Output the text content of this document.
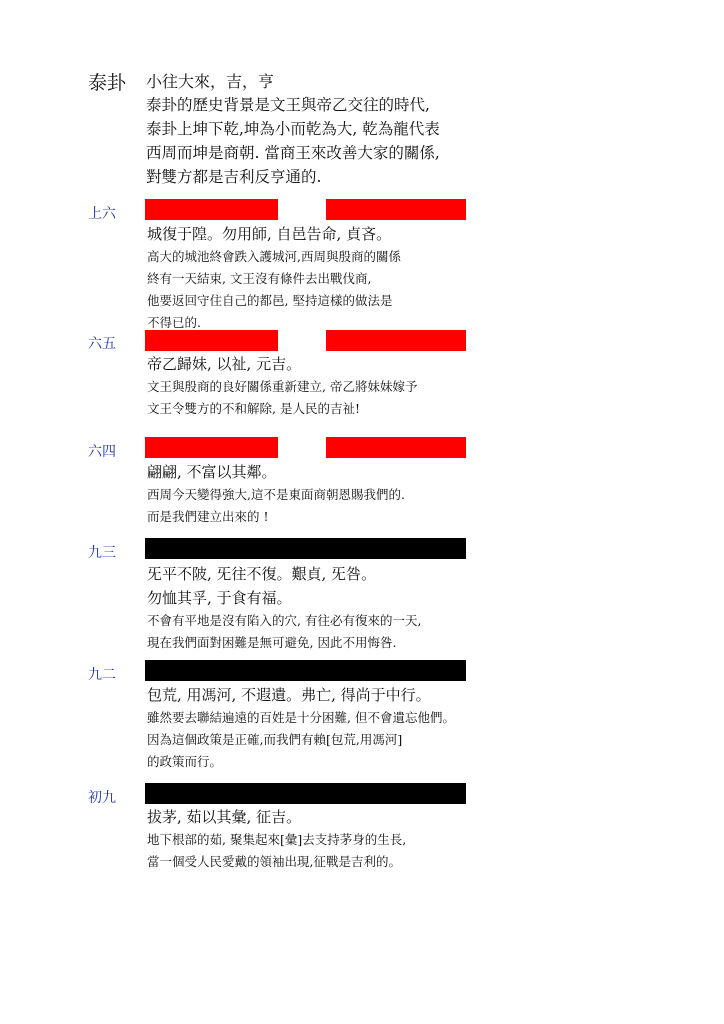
泰卦 小往大來，吉，亨
泰卦的歷史背景是文王與帝乙交往的時代,
泰卦上坤下乾,坤為小而乾為大, 乾為龍代表
西周而坤是商朝. 當商王來改善大家的關係,
對雙方都是吉利反亨通的.
上六
城復于隍。勿用師, 自邑告命, 貞吝。
高大的城池終會跌入護城河,西周與殷商的關係
終有一天結束, 文王沒有條件去出戰伐商,
他要返回守住自己的都邑, 堅持這樣的做法是
不得已的.
六五
帝乙歸妹, 以祉, 元吉。
文王與殷商的良好關係重新建立, 帝乙將妹妹嫁予
文王令雙方的不和解除, 是人民的吉祉!
六四
翩翩, 不富以其鄰。
西周今天變得強大,這不是東面商朝恩賜我們的.
而是我們建立出來的 !
九三
旡平不陂, 旡往不復。艱貞, 旡咎。
勿恤其孚, 于食有福。
不會有平地是沒有陷入的穴, 有往必有復來的一天,
現在我們面對困難是無可避免, 因此不用悔咎.
九二
包荒, 用馮河, 不遐遺。弗亡, 得尚于中行。
雖然要去聯結遍遠的百姓是十分困難, 但不會遺忘他們。
因為這個政策是正確,而我們有賴[包荒,用馮河]
的政策而行。
初九
拔茅, 茹以其彙, 征吉。
地下根部的茹, 聚集起來[彙]去支持茅身的生長,
當一個受人民愛戴的領袖出現,征戰是吉利的。
